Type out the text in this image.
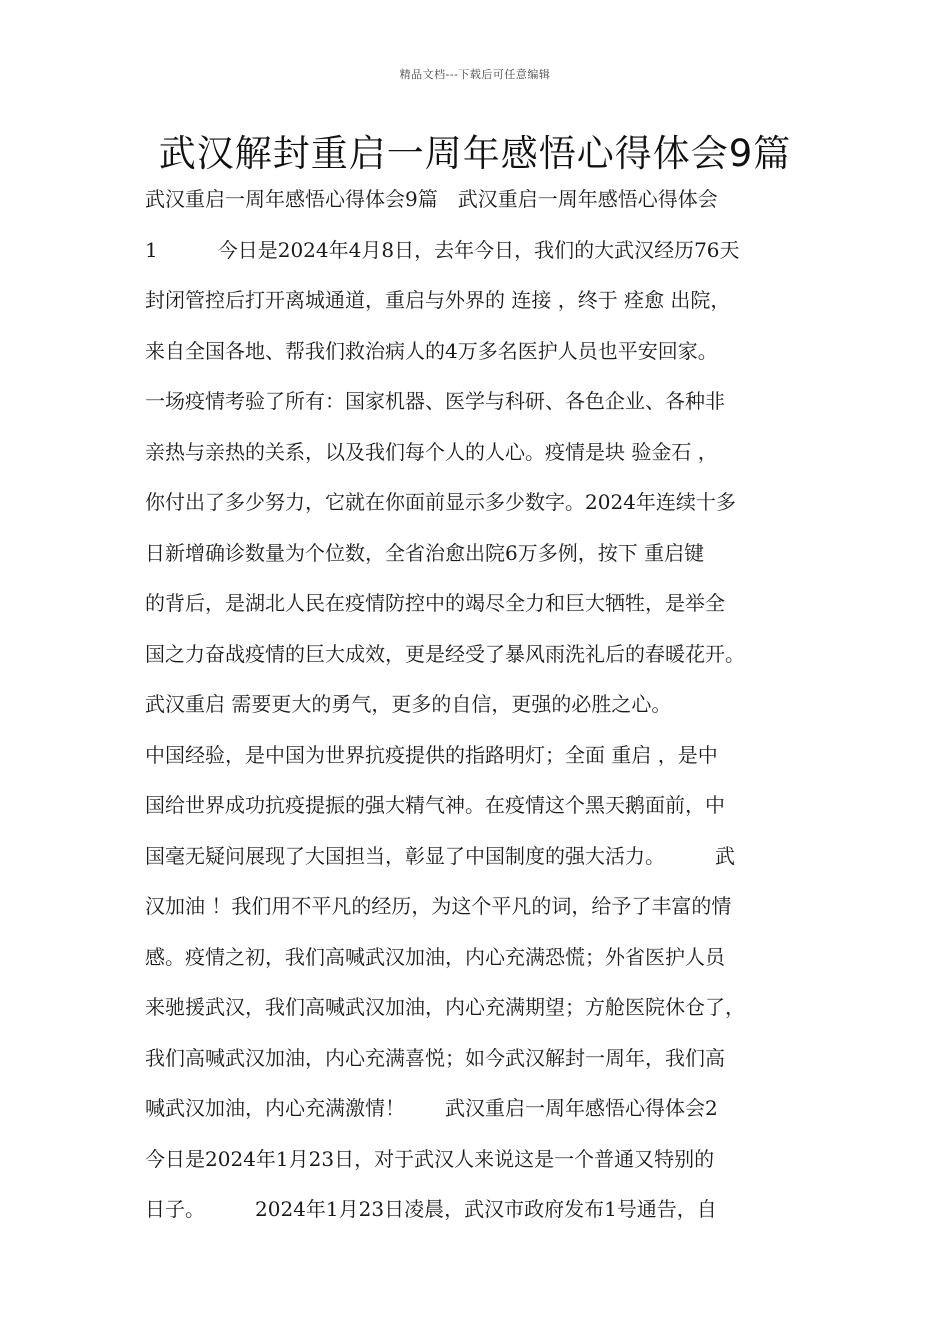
精品文档---下载后可任意编辑
武汉解封重启一周年感悟心得体会9篇
武汉重启一周年感悟心得体会9篇　武汉重启一周年感悟心得体会
1　　　今日是2024年4月8日，去年今日，我们的大武汉经历76天
封闭管控后打开离城通道，重启与外界的 连接 ，终于 痊愈 出院，
来自全国各地、帮我们救治病人的4万多名医护人员也平安回家。
一场疫情考验了所有：国家机器、医学与科研、各色企业、各种非
亲热与亲热的关系，以及我们每个人的人心。疫情是块 验金石 ，
你付出了多少努力，它就在你面前显示多少数字。2024年连续十多
日新增确诊数量为个位数，全省治愈出院6万多例，按下 重启键
的背后，是湖北人民在疫情防控中的竭尽全力和巨大牺牲，是举全
国之力奋战疫情的巨大成效，更是经受了暴风雨洗礼后的春暖花开。
武汉重启 需要更大的勇气，更多的自信，更强的必胜之心。
中国经验，是中国为世界抗疫提供的指路明灯；全面 重启 ，是中
国给世界成功抗疫提振的强大精气神。在疫情这个黑天鹅面前，中
国毫无疑问展现了大国担当，彰显了中国制度的强大活力。　　　武
汉加油 ！我们用不平凡的经历，为这个平凡的词，给予了丰富的情
感。疫情之初，我们高喊武汉加油，内心充满恐慌；外省医护人员
来驰援武汉，我们高喊武汉加油，内心充满期望；方舱医院休仓了，
我们高喊武汉加油，内心充满喜悦；如今武汉解封一周年，我们高
喊武汉加油，内心充满激情！　　武汉重启一周年感悟心得体会2
今日是2024年1月23日，对于武汉人来说这是一个普通又特别的
日子。　　　2024年1月23日凌晨，武汉市政府发布1号通告，自
